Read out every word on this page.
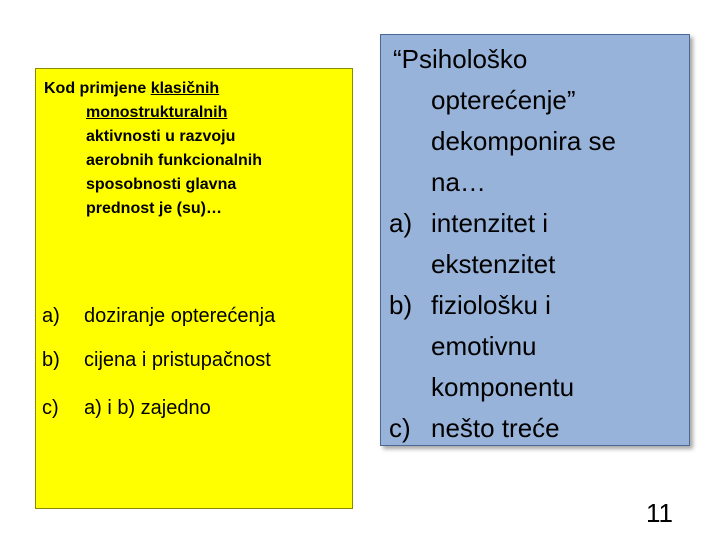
Kod primjene klasičnih
monostrukturalnih
aktivnosti u razvoju
aerobnih funkcionalnih
sposobnosti glavna
prednost je (su)…
a) doziranje opterećenja
b) cijena i pristupačnost
c) a) i b) zajedno
“Psihološko
opterećenje”
dekomponira se
na…
a) intenzitet i
ekstenzitet
b) fiziološku i
emotivnu
komponentu
c) nešto treće
11
